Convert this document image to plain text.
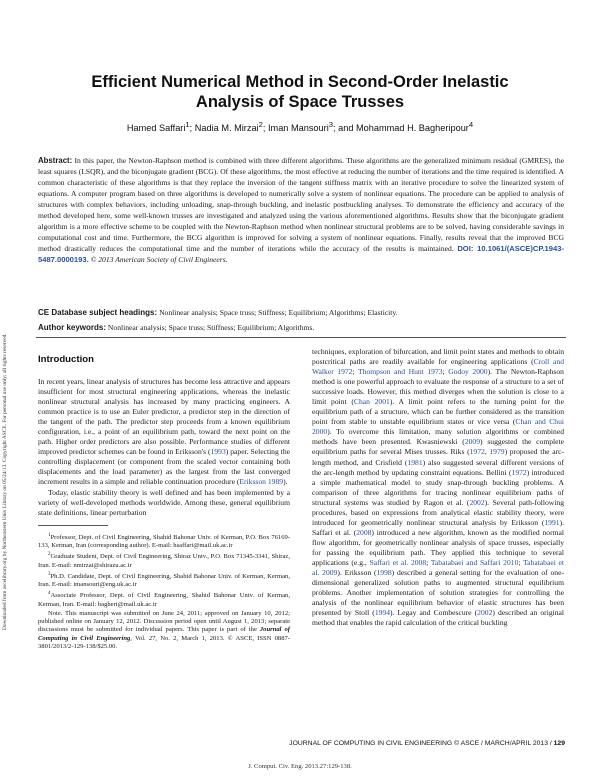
Downloaded from ascelibrary.org by Northeastern Univ Library on 05/24/13. Copyright ASCE. For personal use only; all rights reserved.
Efficient Numerical Method in Second-Order Inelastic
Analysis of Space Trusses
Hamed Saffari$^1$; Nadia M. Mirzai$^2$; Iman Mansouri$^3$; and Mohammad H. Bagheripour$^4$
Abstract: In this paper, the Newton-Raphson method is combined with three different algorithms. These algorithms are the generalized minimum residual (GMRES), the least squares (LSQR), and the biconjugate gradient (BCG). Of these algorithms, the most effective at reducing the number of iterations and the time required is identified. A common characteristic of these algorithms is that they replace the inversion of the tangent stiffness matrix with an iterative procedure to solve the linearized system of equations. A computer program based on three algorithms is developed to numerically solve a system of nonlinear equations. The procedure can be applied to analysis of structures with complex behaviors, including unloading, snap-through buckling, and inelastic postbuckling analyses. To demonstrate the efficiency and accuracy of the method developed here, some well-known trusses are investigated and analyzed using the various aforementioned algorithms. Results show that the biconjugate gradient algorithm is a more effective scheme to be coupled with the Newton-Raphson method when nonlinear structural problems are to be solved, having considerable savings in computational cost and time. Furthermore, the BCG algorithm is improved for solving a system of nonlinear equations. Finally, results reveal that the improved BCG method drastically reduces the computational time and the number of iterations while the accuracy of the results is maintained. DOI: 10.1061/(ASCE)CP.1943-5487.0000193. © 2013 American Society of Civil Engineers.
CE Database subject headings: Nonlinear analysis; Space truss; Stiffness; Equilibrium; Algorithms; Elasticity.
Author keywords: Nonlinear analysis; Space truss; Stiffness; Equilibrium; Algorithms.
Introduction

In recent years, linear analysis of structures has become less attractive and appears insufficient for most structural engineering applications, whereas the inelastic nonlinear structural analysis has increased by many practicing engineers. A common practice is to use an Euler predictor, a predictor step in the direction of the tangent of the path. The predictor step proceeds from a known equilibrium configuration, i.e., a point of an equilibrium path, toward the next point on the path. Higher order predictors are also possible. Performance studies of different improved predictor schemes can be found in Eriksson's (1993) paper. Selecting the controlling displacement (or component from the scaled vector containing both displacements and the load parameter) as the largest from the last converged increment results in a simple and reliable continuation procedure (Eriksson 1989).

Today, elastic stability theory is well defined and has been implemented by a variety of well-developed methods worldwide. Among these, general equilibrium state definitions, linear perturbation

$^1$Professor, Dept. of Civil Engineering, Shahid Bahonar Univ. of Kerman, P.O. Box 76169-133, Kerman, Iran (corresponding author). E-mail: hsaffari@mail.uk.ac.ir

$^2$Graduate Student, Dept. of Civil Engineering, Shiraz Univ., P.O. Box 71345-3341, Shiraz, Iran. E-mail: nmirzai@shirazu.ac.ir

$^3$Ph.D. Candidate, Dept. of Civil Engineering, Shahid Bahonar Univ. of Kerman, Kerman, Iran. E-mail: imansouri@eng.uk.ac.ir

$^4$Associate Professor, Dept. of Civil Engineering, Shahid Bahonar Univ. of Kerman, Kerman, Iran. E-mail: bagheri@mail.uk.ac.ir

Note. This manuscript was submitted on June 24, 2011; approved on January 10, 2012; published online on January 12, 2012. Discussion period open until August 1, 2013; separate discussions must be submitted for individual papers. This paper is part of the Journal of Computing in Civil Engineering, Vol. 27, No. 2, March 1, 2013. © ASCE, ISSN 0887-3801/2013/2-129-138/$25.00.

techniques, exploration of bifurcation, and limit point states and methods to obtain postcritical paths are readily available for engineering applications (Croll and Walker 1972; Thompson and Hunt 1973; Godoy 2000). The Newton-Raphson method is one powerful approach to evaluate the response of a structure to a set of successive loads. However, this method diverges when the solution is close to a limit point (Chan 2001). A limit point refers to the turning point for the equilibrium path of a structure, which can be further considered as the transition point from stable to unstable equilibrium states or vice versa (Chan and Chui 2000). To overcome this limitation, many solution algorithms or combined methods have been presented. Kwasniewski (2009) suggested the complete equilibrium paths for several Mises trusses. Riks (1972, 1979) proposed the arc-length method, and Crisfield (1981) also suggested several different versions of the arc-length method by updating constraint equations. Bellini (1972) introduced a simple mathematical model to study snap-through buckling problems. A comparison of three algorithms for tracing nonlinear equilibrium paths of structural systems was studied by Ragon et al. (2002). Several path-following procedures, based on expressions from analytical elastic stability theory, were introduced for geometrically nonlinear structural analysis by Eriksson (1991). Saffari et al. (2008) introduced a new algorithm, known as the modified normal flow algorithm, for geometrically nonlinear analysis of space trusses, especially for passing the equilibrium path. They applied this technique to several applications (e.g., Saffari et al. 2008; Tabatabaei and Saffari 2010; Tabatabaei et al. 2009). Eriksson (1998) described a general setting for the evaluation of one-dimensional generalized solution paths to augmented structural equilibrium problems. Another implementation of solution strategies for controlling the analysis of the nonlinear equilibrium behavior of elastic structures has been presented by Stoll (1994). Legay and Combescure (2002) described an original method that enables the rapid calculation of the critical buckling

JOURNAL OF COMPUTING IN CIVIL ENGINEERING © ASCE / MARCH/APRIL 2013 / 129
J. Comput. Civ. Eng. 2013.27:129-138.
